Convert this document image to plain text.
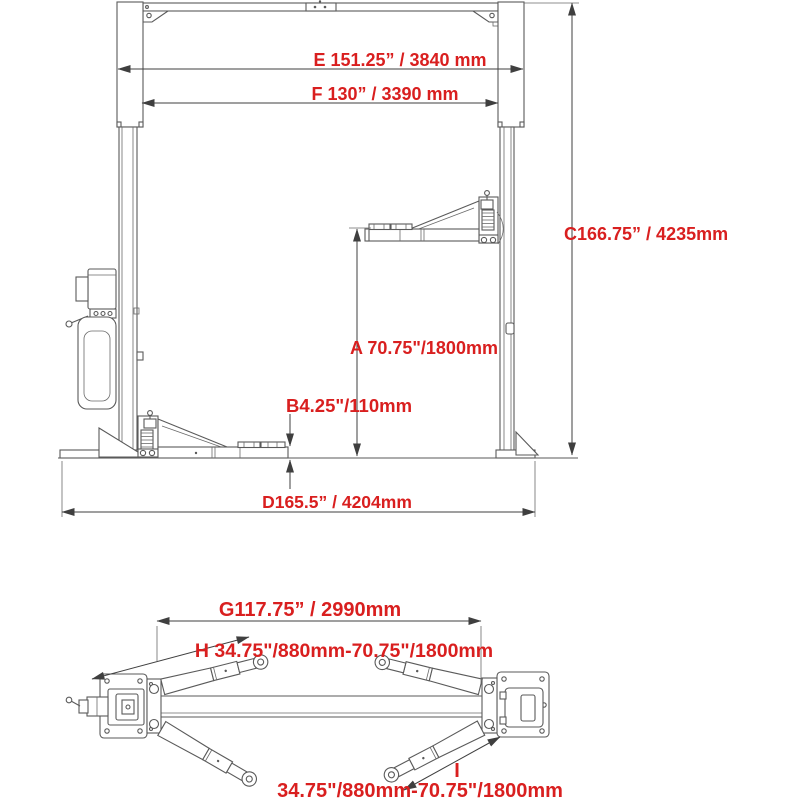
E 151.25” / 3840 mm
F 130” / 3390 mm
C166.75” / 4235mm
A 70.75"/1800mm
B4.25"/110mm
D165.5” / 4204mm
G117.75” / 2990mm
H 34.75"/880mm-70.75"/1800mm
I
34.75"/880mm-70.75"/1800mm
